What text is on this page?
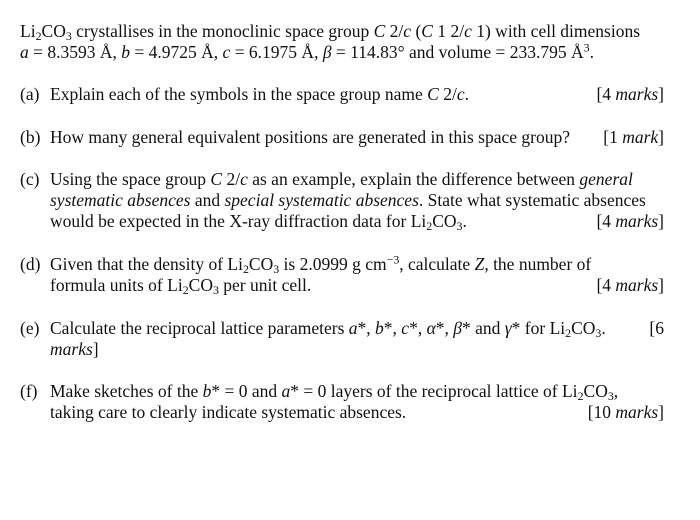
$Li_2CO_3$ crystallises in the monoclinic space group C 2/c (C 1 2/c 1) with cell dimensions
a = 8.3593 Å, b = 4.9725 Å, c = 6.1975 Å, β = 114.83° and volume = 233.795 $Å^3$.
(a) Explain each of the symbols in the space group name C 2/c.	[4 marks]
(b) How many general equivalent positions are generated in this space group? [1 mark]
(c) Using the space group C 2/c as an example, explain the difference between general
systematic absences and special systematic absences. State what systematic absences
would be expected in the X-ray diffraction data for $Li_2CO_3$.	[4 marks]
(d) Given that the density of $Li_2CO_3$ is 2.0999 g $cm^{-3}$, calculate Z, the number of
formula units of $Li_2CO_3$ per unit cell.	[4 marks]
(e) Calculate the reciprocal lattice parameters a*, b*, c*, α*, β* and γ* for $Li_2CO_3$. [6
marks]
(f) Make sketches of the b* = 0 and a* = 0 layers of the reciprocal lattice of $Li_2CO_3$,
taking care to clearly indicate systematic absences.	[10 marks]
